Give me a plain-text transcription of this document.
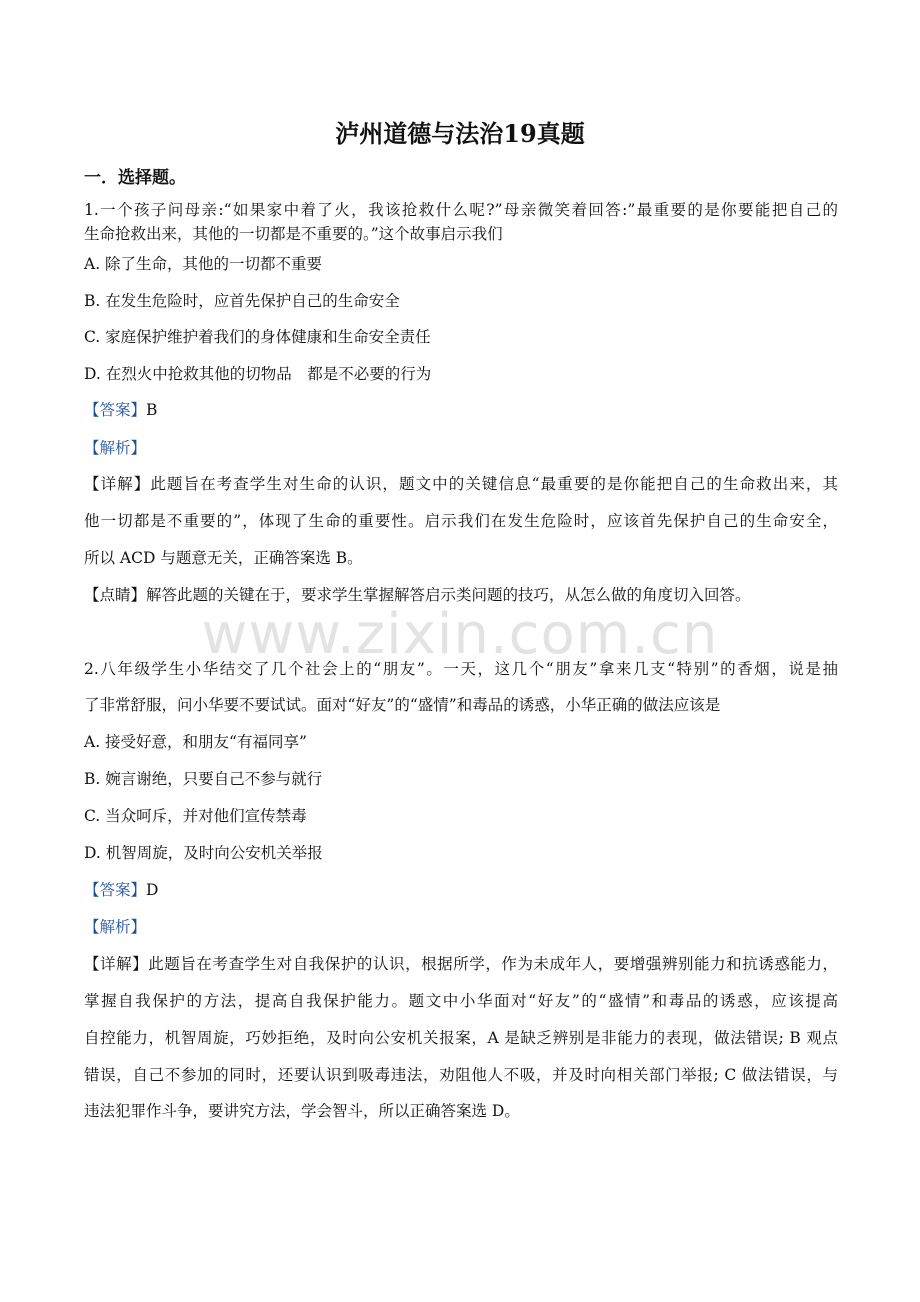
www.zixin.com.cn
泸州道德与法治19真题
一．选择题。
1.一个孩子问母亲:“如果家中着了火，我该抢救什么呢?”母亲微笑着回答:”最重要的是你要能把自己的
生命抢救出来，其他的一切都是不重要的。”这个故事启示我们
A. 除了生命，其他的一切都不重要
B. 在发生危险时，应首先保护自己的生命安全
C. 家庭保护维护着我们的身体健康和生命安全责任
D. 在烈火中抢救其他的切物品　都是不必要的行为
【答案】B
【解析】
【详解】此题旨在考查学生对生命的认识，题文中的关键信息“最重要的是你能把自己的生命救出来，其
他一切都是不重要的”，体现了生命的重要性。启示我们在发生危险时，应该首先保护自己的生命安全，
所以 ACD 与题意无关，正确答案选 B。
【点睛】解答此题的关键在于，要求学生掌握解答启示类问题的技巧，从怎么做的角度切入回答。
2.八年级学生小华结交了几个社会上的“朋友”。一天，这几个“朋友”拿来几支“特别”的香烟，说是抽
了非常舒服，问小华要不要试试。面对“好友”的“盛情”和毒品的诱惑，小华正确的做法应该是
A. 接受好意，和朋友“有福同享”
B. 婉言谢绝，只要自己不参与就行
C. 当众呵斥，并对他们宣传禁毒
D. 机智周旋，及时向公安机关举报
【答案】D
【解析】
【详解】此题旨在考查学生对自我保护的认识，根据所学，作为未成年人，要增强辨别能力和抗诱惑能力，
掌握自我保护的方法，提高自我保护能力。题文中小华面对“好友”的“盛情”和毒品的诱惑，应该提高
自控能力，机智周旋，巧妙拒绝，及时向公安机关报案，A 是缺乏辨别是非能力的表现，做法错误; B 观点
错误，自己不参加的同时，还要认识到吸毒违法，劝阻他人不吸，并及时向相关部门举报; C 做法错误，与
违法犯罪作斗争，要讲究方法，学会智斗，所以正确答案选 D。
